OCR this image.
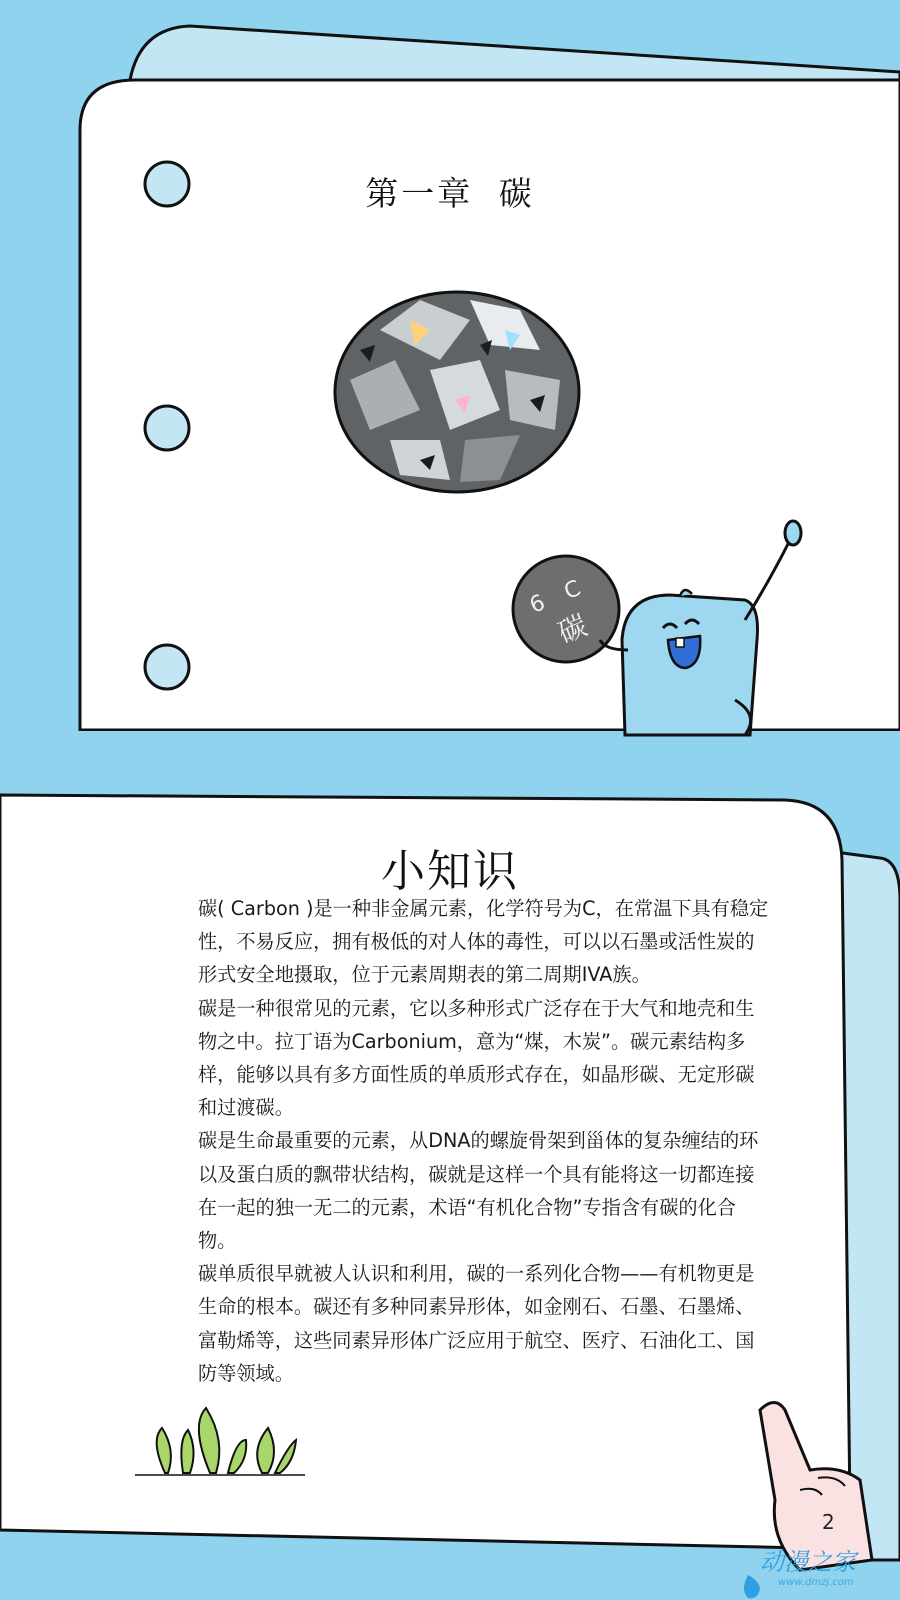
第一章 碳
6 C
碳
小知识

碳( Carbon )是一种非金属元素，化学符号为C，在常温下具有稳定性，不易反应，拥有极低的对人体的毒性，可以以石墨或活性炭的形式安全地摄取，位于元素周期表的第二周期IVA族。

碳是一种很常见的元素，它以多种形式广泛存在于大气和地壳和生物之中。拉丁语为Carbonium，意为“煤，木炭”。碳元素结构多样，能够以具有多方面性质的单质形式存在，如晶形碳、无定形碳和过渡碳。

碳是生命最重要的元素，从DNA的螺旋骨架到甾体的复杂缠结的环以及蛋白质的飘带状结构，碳就是这样一个具有能将这一切都连接在一起的独一无二的元素，术语“有机化合物”专指含有碳的化合物。

碳单质很早就被人认识和利用，碳的一系列化合物——有机物更是生命的根本。碳还有多种同素异形体，如金刚石、石墨、石墨烯、富勒烯等，这些同素异形体广泛应用于航空、医疗、石油化工、国防等领域。

2
动漫之家
www.dmzj.com
